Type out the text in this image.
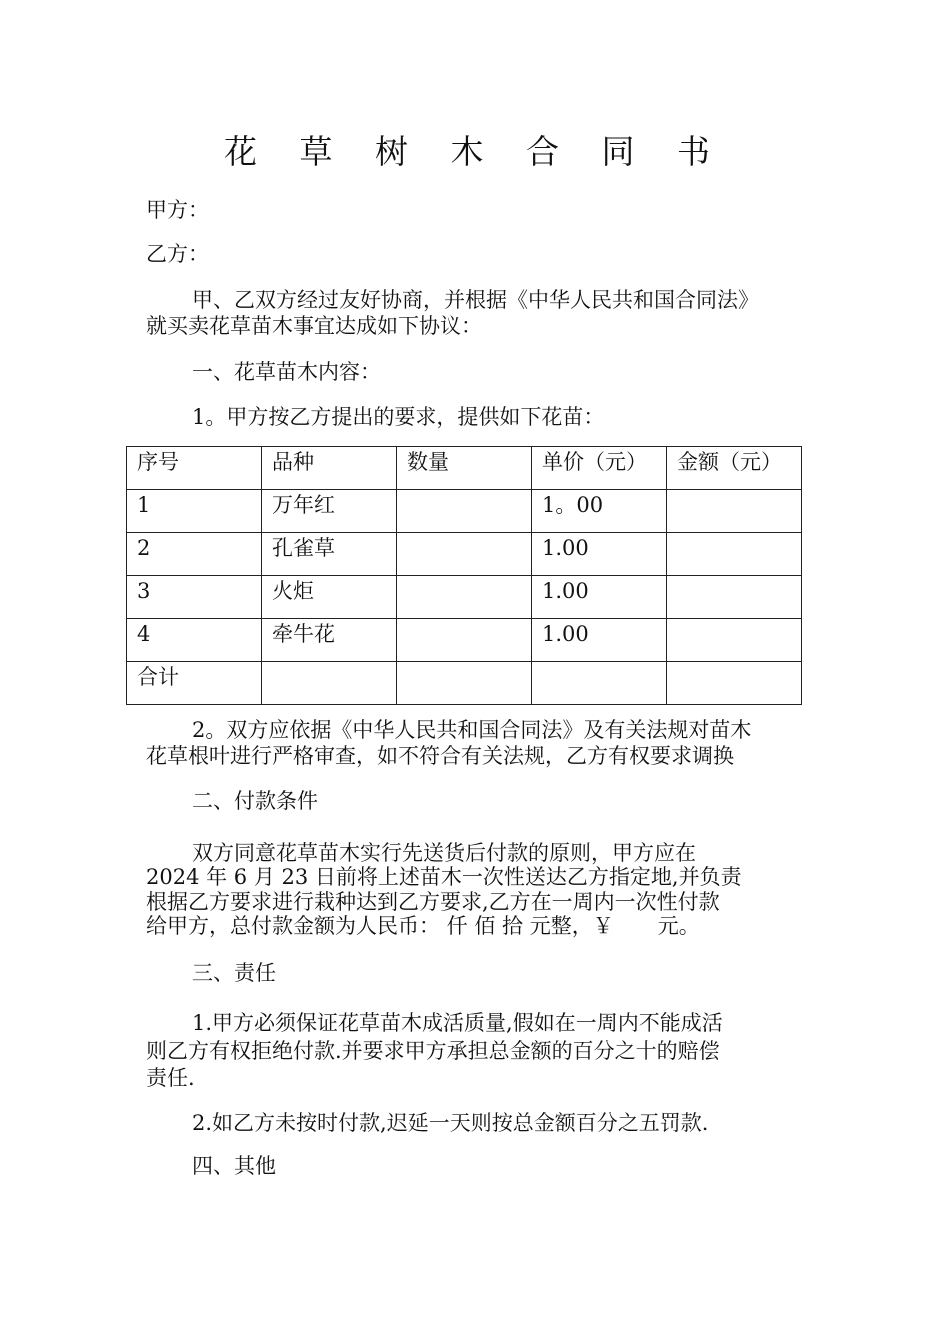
花 草 树 木 合 同 书
甲方：
乙方：
甲、乙双方经过友好协商，并根据《中华人民共和国合同法》
就买卖花草苗木事宜达成如下协议：
一、花草苗木内容：
1。甲方按乙方提出的要求，提供如下花苗：
序号	品种	数量	单价（元）	金额（元）
1	万年红		1。00	
2	孔雀草		1.00	
3	火炬		1.00	
4	牵牛花		1.00	
合计				
2。双方应依据《中华人民共和国合同法》及有关法规对苗木
花草根叶进行严格审查，如不符合有关法规，乙方有权要求调换
二、付款条件
双方同意花草苗木实行先送货后付款的原则，甲方应在
2024 年 6 月 23 日前将上述苗木一次性送达乙方指定地,并负责
根据乙方要求进行栽种达到乙方要求,乙方在一周内一次性付款
给甲方，总付款金额为人民币： 仟 佰 拾 元整，￥ 元。
三、责任
1.甲方必须保证花草苗木成活质量,假如在一周内不能成活
则乙方有权拒绝付款.并要求甲方承担总金额的百分之十的赔偿
责任.
2.如乙方未按时付款,迟延一天则按总金额百分之五罚款.
四、其他
